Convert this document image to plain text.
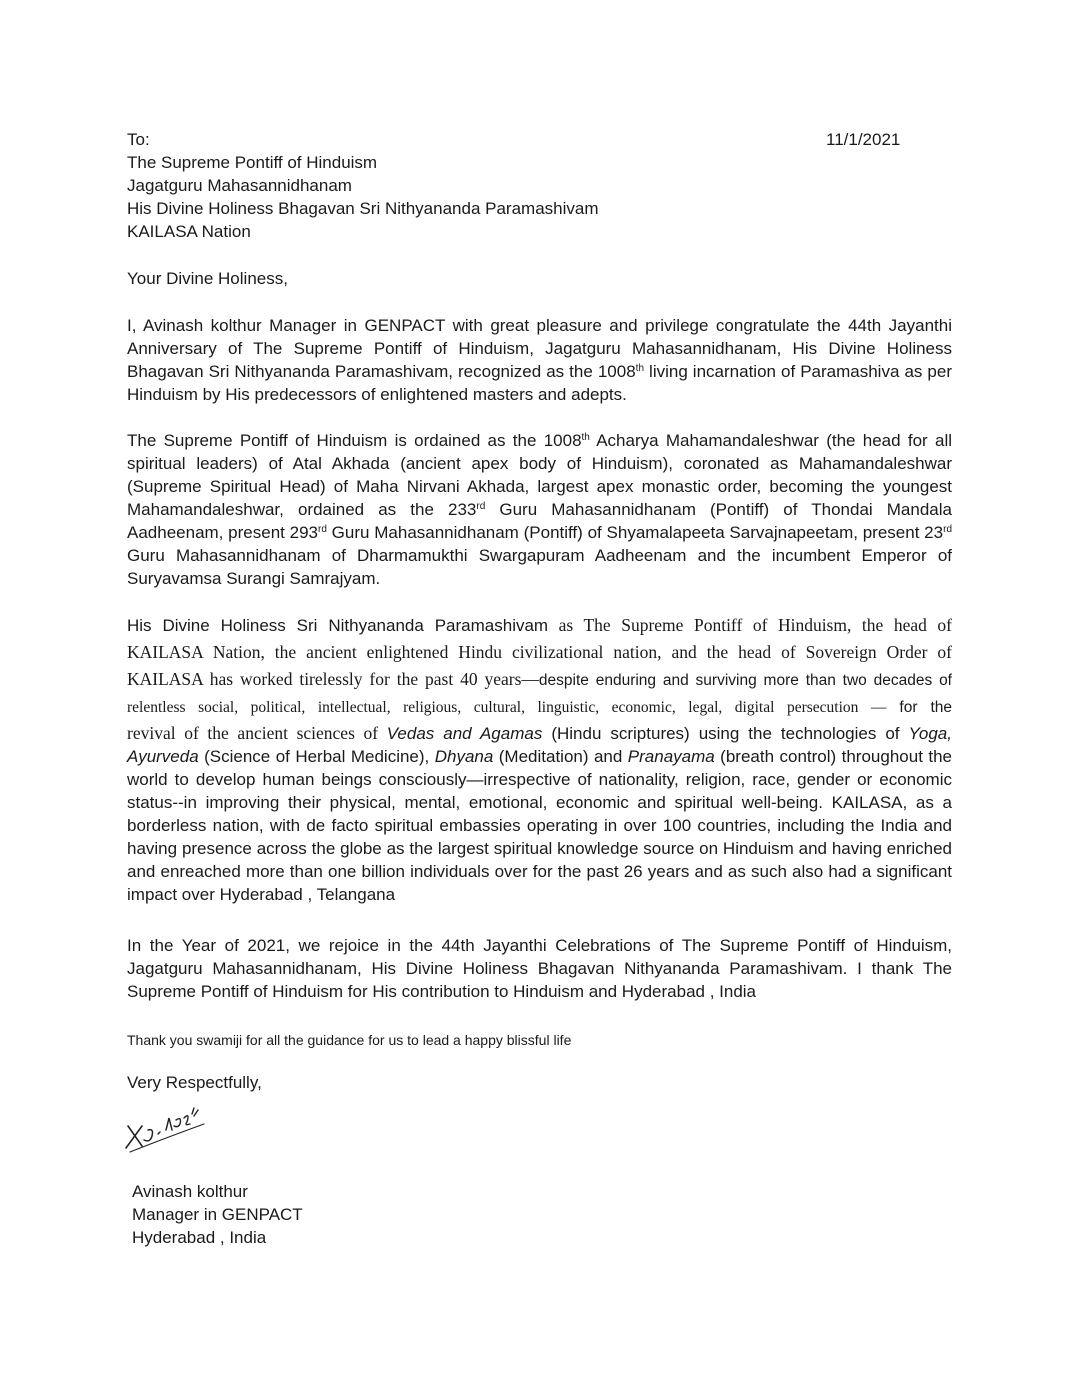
11/1/2021
To:
The Supreme Pontiff of Hinduism
Jagatguru Mahasannidhanam
His Divine Holiness Bhagavan Sri Nithyananda Paramashivam
KAILASA Nation
Your Divine Holiness,
I, Avinash kolthur Manager in GENPACT with great pleasure and privilege congratulate the 44th Jayanthi Anniversary of The Supreme Pontiff of Hinduism, Jagatguru Mahasannidhanam, His Divine Holiness Bhagavan Sri Nithyananda Paramashivam, recognized as the 1008th living incarnation of Paramashiva as per Hinduism by His predecessors of enlightened masters and adepts.
The Supreme Pontiff of Hinduism is ordained as the 1008th Acharya Mahamandaleshwar (the head for all spiritual leaders) of Atal Akhada (ancient apex body of Hinduism), coronated as Mahamandaleshwar (Supreme Spiritual Head) of Maha Nirvani Akhada, largest apex monastic order, becoming the youngest Mahamandaleshwar, ordained as the 233rd Guru Mahasannidhanam (Pontiff) of Thondai Mandala Aadheenam, present 293rd Guru Mahasannidhanam (Pontiff) of Shyamalapeeta Sarvajnapeetam, present 23rd Guru Mahasannidhanam of Dharmamukthi Swargapuram Aadheenam and the incumbent Emperor of Suryavamsa Surangi Samrajyam.
His Divine Holiness Sri Nithyananda Paramashivam as The Supreme Pontiff of Hinduism, the head of
KAILASA Nation, the ancient enlightened Hindu civilizational nation, and the head of Sovereign Order of
KAILASA has worked tirelessly for the past 40 years—despite enduring and surviving more than two decades of
relentless social, political, intellectual, religious, cultural, linguistic, economic, legal, digital persecution — for the
revival of the ancient sciences of Vedas and Agamas (Hindu scriptures) using the technologies of Yoga,
Ayurveda (Science of Herbal Medicine), Dhyana (Meditation) and Pranayama (breath control) throughout the world to develop human beings consciously—irrespective of nationality, religion, race, gender or economic status--in improving their physical, mental, emotional, economic and spiritual well-being. KAILASA, as a borderless nation, with de facto spiritual embassies operating in over 100 countries, including the India and having presence across the globe as the largest spiritual knowledge source on Hinduism and having enriched and enreached more than one billion individuals over for the past 26 years and as such also had a significant impact over Hyderabad , Telangana
In the Year of 2021, we rejoice in the 44th Jayanthi Celebrations of The Supreme Pontiff of Hinduism, Jagatguru Mahasannidhanam, His Divine Holiness Bhagavan Nithyananda Paramashivam. I thank The Supreme Pontiff of Hinduism for His contribution to Hinduism and Hyderabad , India
Thank you swamiji for all the guidance for us to lead a happy blissful life
Very Respectfully,
Avinash kolthur
Manager in GENPACT
Hyderabad , India
